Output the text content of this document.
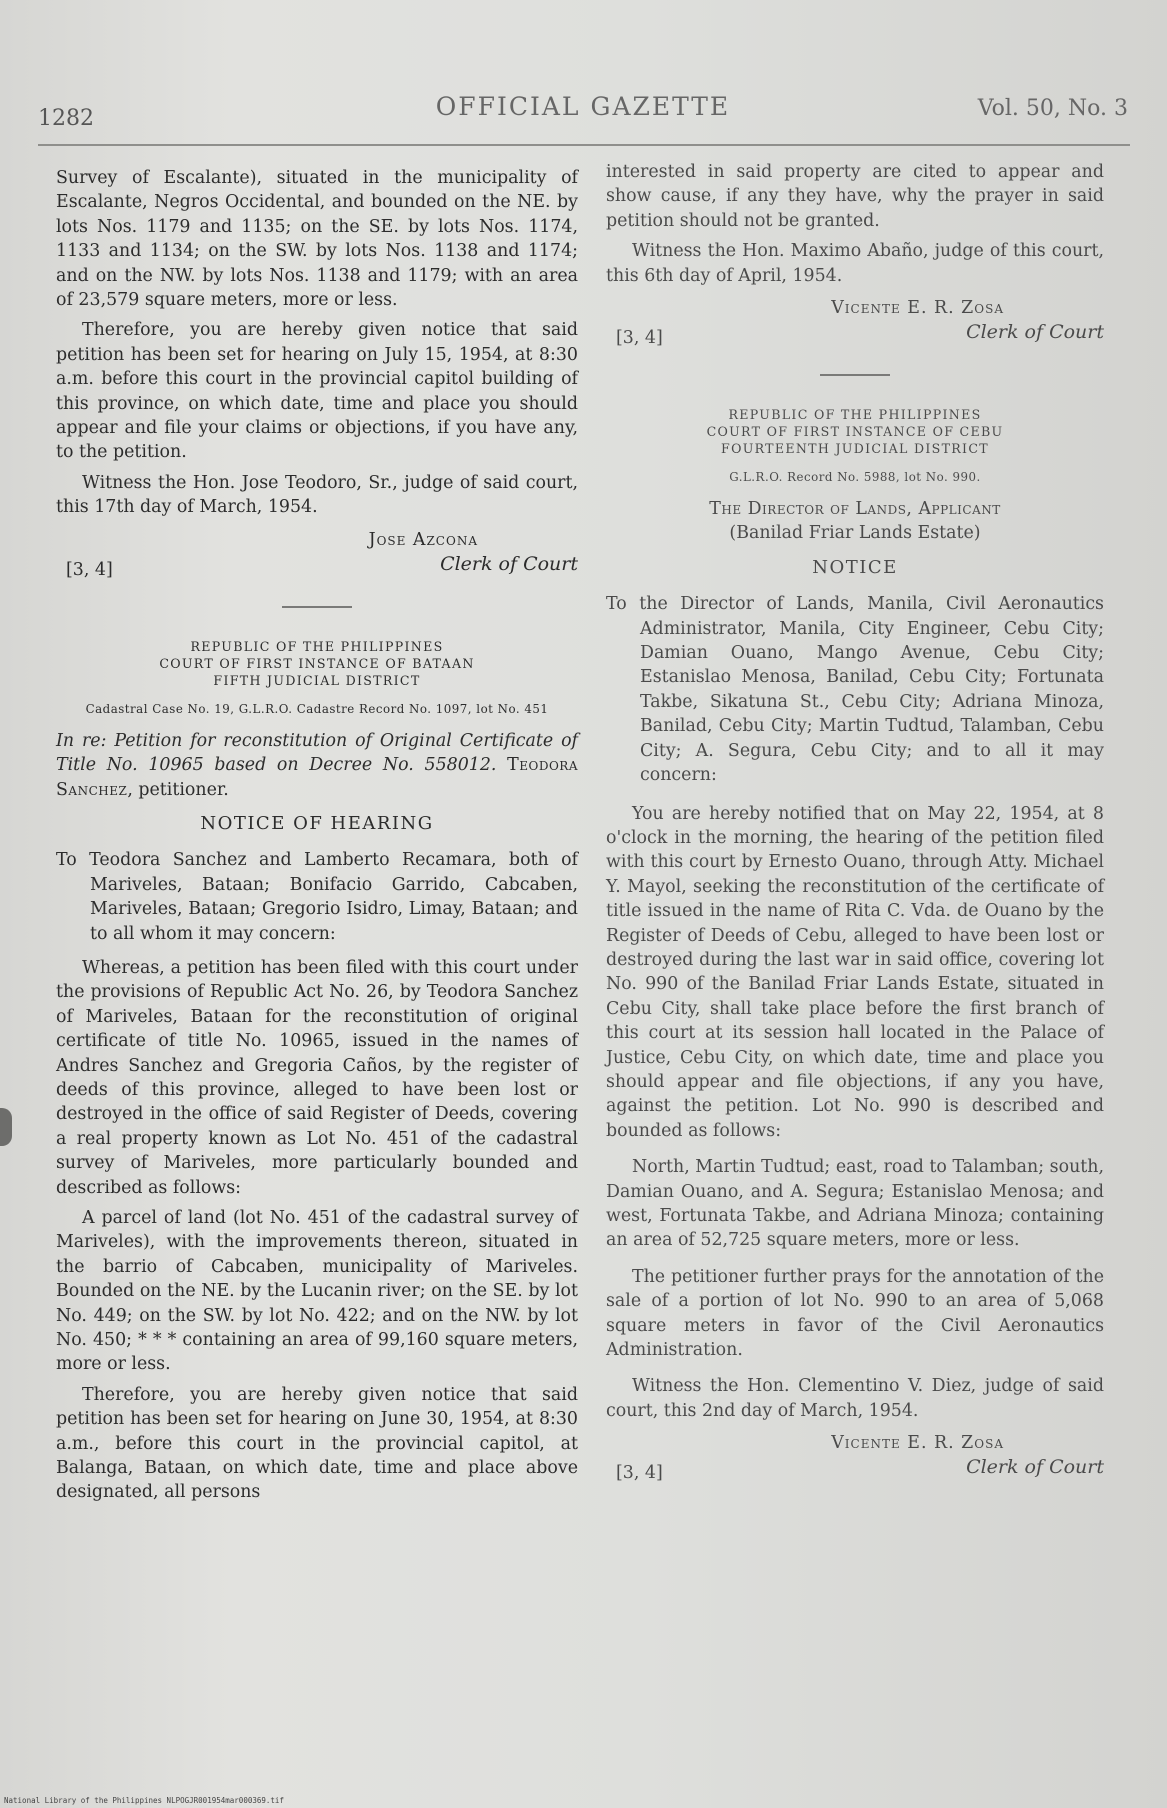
1282	OFFICIAL GAZETTE	Vol. 50, No. 3

Survey of Escalante), situated in the municipality of Escalante, Negros Occidental, and bounded on the NE. by lots Nos. 1179 and 1135; on the SE. by lots Nos. 1174, 1133 and 1134; on the SW. by lots Nos. 1138 and 1174; and on the NW. by lots Nos. 1138 and 1179; with an area of 23,579 square meters, more or less.

Therefore, you are hereby given notice that said petition has been set for hearing on July 15, 1954, at 8:30 a.m. before this court in the provincial capitol building of this province, on which date, time and place you should appear and file your claims or objections, if you have any, to the petition.

Witness the Hon. Jose Teodoro, Sr., judge of said court, this 17th day of March, 1954.

Jose Azcona
Clerk of Court
[3, 4]
REPUBLIC OF THE PHILIPPINES
COURT OF FIRST INSTANCE OF BATAAN
FIFTH JUDICIAL DISTRICT
Cadastral Case No. 19, G.L.R.O. Cadastre Record No. 1097, lot No. 451

In re: Petition for reconstitution of Original Certificate of Title No. 10965 based on Decree No. 558012. Teodora Sanchez, petitioner.

NOTICE OF HEARING

To Teodora Sanchez and Lamberto Recamara, both of Mariveles, Bataan; Bonifacio Garrido, Cabcaben, Mariveles, Bataan; Gregorio Isidro, Limay, Bataan; and to all whom it may concern:

Whereas, a petition has been filed with this court under the provisions of Republic Act No. 26, by Teodora Sanchez of Mariveles, Bataan for the reconstitution of original certificate of title No. 10965, issued in the names of Andres Sanchez and Gregoria Caños, by the register of deeds of this province, alleged to have been lost or destroyed in the office of said Register of Deeds, covering a real property known as Lot No. 451 of the cadastral survey of Mariveles, more particularly bounded and described as follows:

A parcel of land (lot No. 451 of the cadastral survey of Mariveles), with the improvements thereon, situated in the barrio of Cabcaben, municipality of Mariveles. Bounded on the NE. by the Lucanin river; on the SE. by lot No. 449; on the SW. by lot No. 422; and on the NW. by lot No. 450; * * * containing an area of 99,160 square meters, more or less.

Therefore, you are hereby given notice that said petition has been set for hearing on June 30, 1954, at 8:30 a.m., before this court in the provincial capitol, at Balanga, Bataan, on which date, time and place above designated, all persons

interested in said property are cited to appear and show cause, if any they have, why the prayer in said petition should not be granted.

Witness the Hon. Maximo Abaño, judge of this court, this 6th day of April, 1954.

Vicente E. R. Zosa
Clerk of Court
[3, 4]
REPUBLIC OF THE PHILIPPINES
COURT OF FIRST INSTANCE OF CEBU
FOURTEENTH JUDICIAL DISTRICT
G.L.R.O. Record No. 5988, lot No. 990.
The Director of Lands, Applicant
(Banilad Friar Lands Estate)
NOTICE

To the Director of Lands, Manila, Civil Aeronautics Administrator, Manila, City Engineer, Cebu City; Damian Ouano, Mango Avenue, Cebu City; Estanislao Menosa, Banilad, Cebu City; Fortunata Takbe, Sikatuna St., Cebu City; Adriana Minoza, Banilad, Cebu City; Martin Tudtud, Talamban, Cebu City; A. Segura, Cebu City; and to all it may concern:

You are hereby notified that on May 22, 1954, at 8 o'clock in the morning, the hearing of the petition filed with this court by Ernesto Ouano, through Atty. Michael Y. Mayol, seeking the reconstitution of the certificate of title issued in the name of Rita C. Vda. de Ouano by the Register of Deeds of Cebu, alleged to have been lost or destroyed during the last war in said office, covering lot No. 990 of the Banilad Friar Lands Estate, situated in Cebu City, shall take place before the first branch of this court at its session hall located in the Palace of Justice, Cebu City, on which date, time and place you should appear and file objections, if any you have, against the petition. Lot No. 990 is described and bounded as follows:

North, Martin Tudtud; east, road to Talamban; south, Damian Ouano, and A. Segura; Estanislao Menosa; and west, Fortunata Takbe, and Adriana Minoza; containing an area of 52,725 square meters, more or less.

The petitioner further prays for the annotation of the sale of a portion of lot No. 990 to an area of 5,068 square meters in favor of the Civil Aeronautics Administration.

Witness the Hon. Clementino V. Diez, judge of said court, this 2nd day of March, 1954.

Vicente E. R. Zosa
Clerk of Court
[3, 4]
National Library of the Philippines NLPOGJR001954mar000369.tif
